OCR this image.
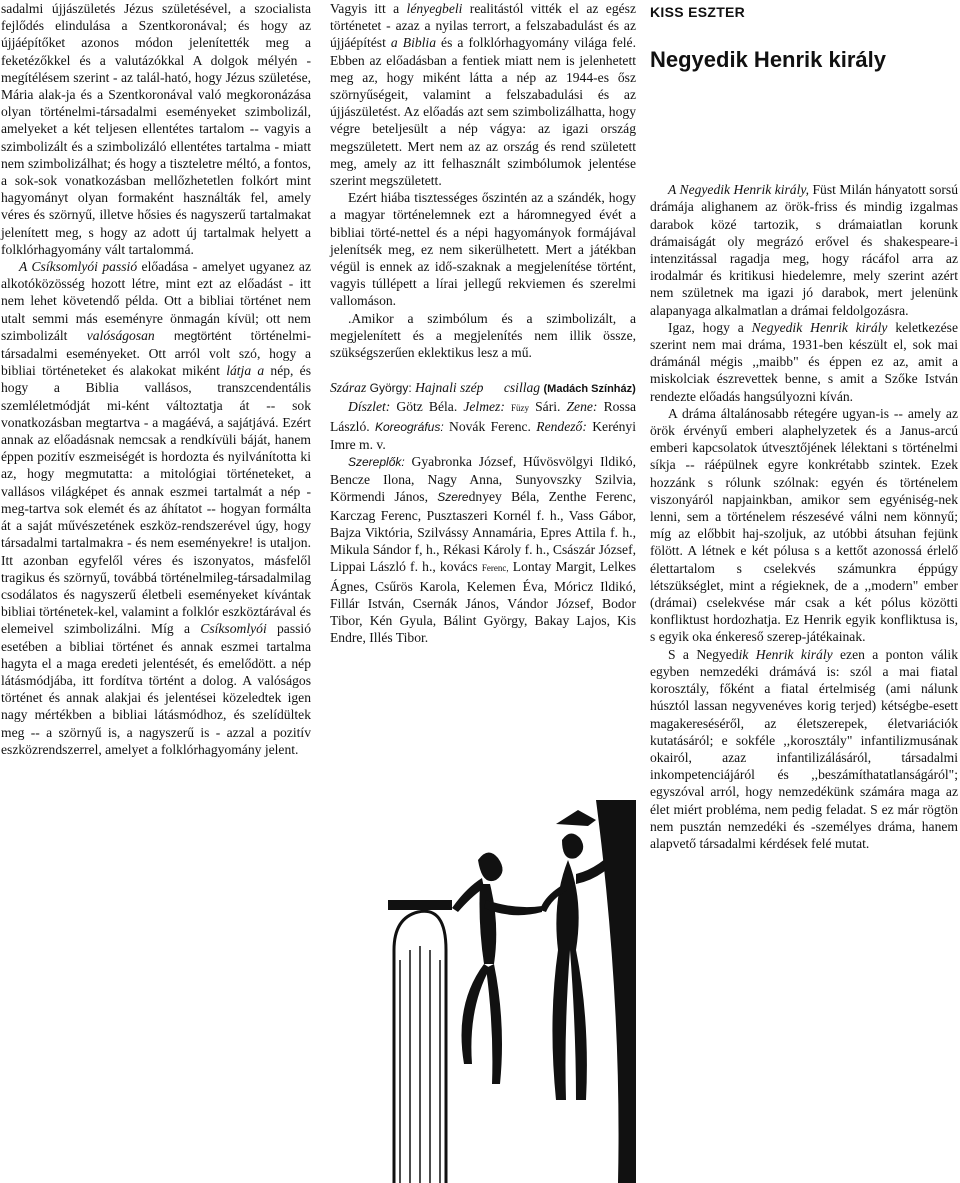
sadalmi újjászületés Jézus születésével, a szocialista fejlődés elindulása a Szentkoronával; és hogy az újjáépítőket azonos módon jelenítették meg a feketézőkkel és a valutázókkal A dolgok mélyén - megítélésem szerint - az talál-ható, hogy Jézus születése, Mária alak-ja és a Szentkoronával való megkoronázása olyan történelmi-társadalmi eseményeket szimbolizál, amelyeket a két teljesen ellentétes tartalom -- vagyis a szimbolizált és a szimbolizáló ellentétes tartalma - miatt nem szimbolizálhat; és hogy a tiszteletre méltó, a fontos, a sok-sok vonatkozásban mellőzhetetlen folkórt mint hagyományt olyan formaként használták fel, amely véres és szörnyű, illetve hősies és nagyszerű tartalmakat jelenített meg, s hogy az adott új tartalmak helyett a folklórhagyomány vált tartalommá.

A Csíksomlyói passió előadása - amelyet ugyanez az alkotóközösség hozott létre, mint ezt az előadást - itt nem lehet követendő példa. Ott a bibliai történet nem utalt semmi más eseményre önmagán kívül; ott nem szimbolizált valóságosan megtörtént történelmi-társadalmi eseményeket. Ott arról volt szó, hogy a bibliai történeteket és alakokat miként látja a nép, és hogy a Biblia vallásos, transzcendentális szemléletmódját mi-ként változtatja át -- sok vonatkozásban megtartva - a magáévá, a sajátjává. Ezért annak az előadásnak nemcsak a rendkívüli báját, hanem éppen pozitív eszmeiségét is hordozta és nyilvánította ki az, hogy megmutatta: a mitológiai történeteket, a vallásos világképet és annak eszmei tartalmát a nép - meg-tartva sok elemét és az áhítatot -- hogyan formálta át a saját művészetének eszköz-rendszerével úgy, hogy társadalmi tartalmakra - és nem eseményekre! is utaljon. Itt azonban egyfelől véres és iszonyatos, másfelől tragikus és szörnyű, továbbá történelmileg-társadalmilag csodálatos és nagyszerű életbeli eseményeket kívántak bibliai történetek-kel, valamint a folklór eszköztárával és elemeivel szimbolizálni. Míg a Csíksomlyói passió esetében a bibliai történet és annak eszmei tartalma hagyta el a maga eredeti jelentését, és emelődött. a nép látásmódjába, itt fordítva történt a dolog. A valóságos történet és annak alakjai és jelentései közeledtek igen nagy mértékben a bibliai látásmódhoz, és szelídültek meg -- a szörnyű is, a nagyszerű is - azzal a pozitív eszközrendszerrel, amelyet a folklórhagyomány jelent.

Vagyis itt a lényegbeli realitástól vitték el az egész történetet - azaz a nyilas terrort, a felszabadulást és az újjáépítést a Biblia és a folklórhagyomány világa felé. Ebben az előadásban a fentiek miatt nem is jelenhetett meg az, hogy miként látta a nép az 1944-es ősz szörnyűségeit, valamint a felszabadulási és az újjászületést. Az előadás azt sem szimbolizálhatta, hogy végre beteljesült a nép vágya: az igazi ország megszületett. Mert nem az az ország és rend született meg, amely az itt felhasznált szimbólumok jelentése szerint megszületett.

Ezért hiába tisztességes őszintén az a szándék, hogy a magyar történelemnek ezt a háromnegyed évét a bibliai törté-nettel és a népi hagyományok formájával jelenítsék meg, ez nem sikerülhetett. Mert a játékban végül is ennek az idő-szaknak a megjelenítése történt, vagyis túllépett a lírai jellegű rekviemen és szerelmi vallomáson.

.Amikor a szimbólum és a szimbolizált, a megjelenített és a megjelenítés nem illik össze, szükségszerűen eklektikus lesz a mű.

Száraz György: Hajnali szép csillag (Madách Színház)

Díszlet: Götz Béla. Jelmez: Füzy Sári. Zene: Rossa László. Koreográfus: Novák Ferenc. Rendező: Kerényi Imre m. v.

Szereplők: Gyabronka József, Hűvösvölgyi Ildikó, Bencze Ilona, Nagy Anna, Sunyovszky Szilvia, Körmendi János, Szerednyey Béla, Zenthe Ferenc, Karczag Ferenc, Pusztaszeri Kornél f. h., Vass Gábor, Bajza Viktória, Szilvássy Annamária, Epres Attila f. h., Mikula Sándor f, h., Rékasi Károly f. h., Császár József, Lippai László f. h., kovács Ferenc, Lontay Margit, Lelkes Ágnes, Csűrös Karola, Kelemen Éva, Móricz Ildikó, Fillár István, Csernák János, Vándor József, Bodor Tibor, Kén Gyula, Bálint György, Bakay Lajos, Kis Endre, Illés Tibor.

KISS ESZTER
Negyedik Henrik király

A Negyedik Henrik király, Füst Milán hányatott sorsú drámája alighanem az örök-friss és mindig izgalmas darabok közé tartozik, s drámaiatlan korunk drámaiságát oly megrázó erővel és shakespeare-i intenzitással ragadja meg, hogy rácáfol arra az irodalmár és kritikusi hiedelemre, mely szerint azért nem születnek ma igazi jó darabok, mert jelenünk alapanyaga alkalmatlan a drámai feldolgozásra.

Igaz, hogy a Negyedik Henrik király keletkezése szerint nem mai dráma, 1931-ben készült el, sok mai drámánál mégis ,,maibb" és éppen ez az, amit a miskolciak észrevettek benne, s amit a Szőke István rendezte előadás hangsúlyozni kíván.

A dráma általánosabb rétegére ugyan-is -- amely az örök érvényű emberi alaphelyzetek és a Janus-arcú emberi kapcsolatok útvesztőjének lélektani s történelmi síkja -- ráépülnek egyre konkrétabb szintek. Ezek hozzánk s rólunk szólnak: egyén és történelem viszonyáról napjainkban, amikor sem egyéniség-nek lenni, sem a történelem részesévé válni nem könnyű; míg az előbbit haj-szoljuk, az utóbbi átsuhan fejünk fölött. A létnek e két pólusa s a kettőt azonossá érlelő élettartalom s cselekvés számunkra éppúgy létszükséglet, mint a régieknek, de a ,,modern" ember (drámai) cselekvése már csak a két pólus közötti konfliktust hordozhatja. Ez Henrik egyik konfliktusa is, s egyik oka énkereső szerep-játékainak.

S a Negyedik Henrik király ezen a ponton válik egyben nemzedéki drámává is: szól a mai fiatal korosztály, főként a fiatal értelmiség (ami nálunk húsztól lassan negyvenéves korig terjed) kétségbe-esett magakereséséről, az életszerepek, életvariációk kutatásáról; e sokféle ,,korosztály" infantilizmusának okairól, azaz infantilizálásáról, társadalmi inkompetenciájáról és ,,beszámíthatatlanságáról"; egyszóval arról, hogy nemzedékünk számára maga az élet miért probléma, nem pedig feladat. S ez már rögtön nem pusztán nemzedéki és -személyes dráma, hanem alapvető társadalmi kérdések felé mutat.
